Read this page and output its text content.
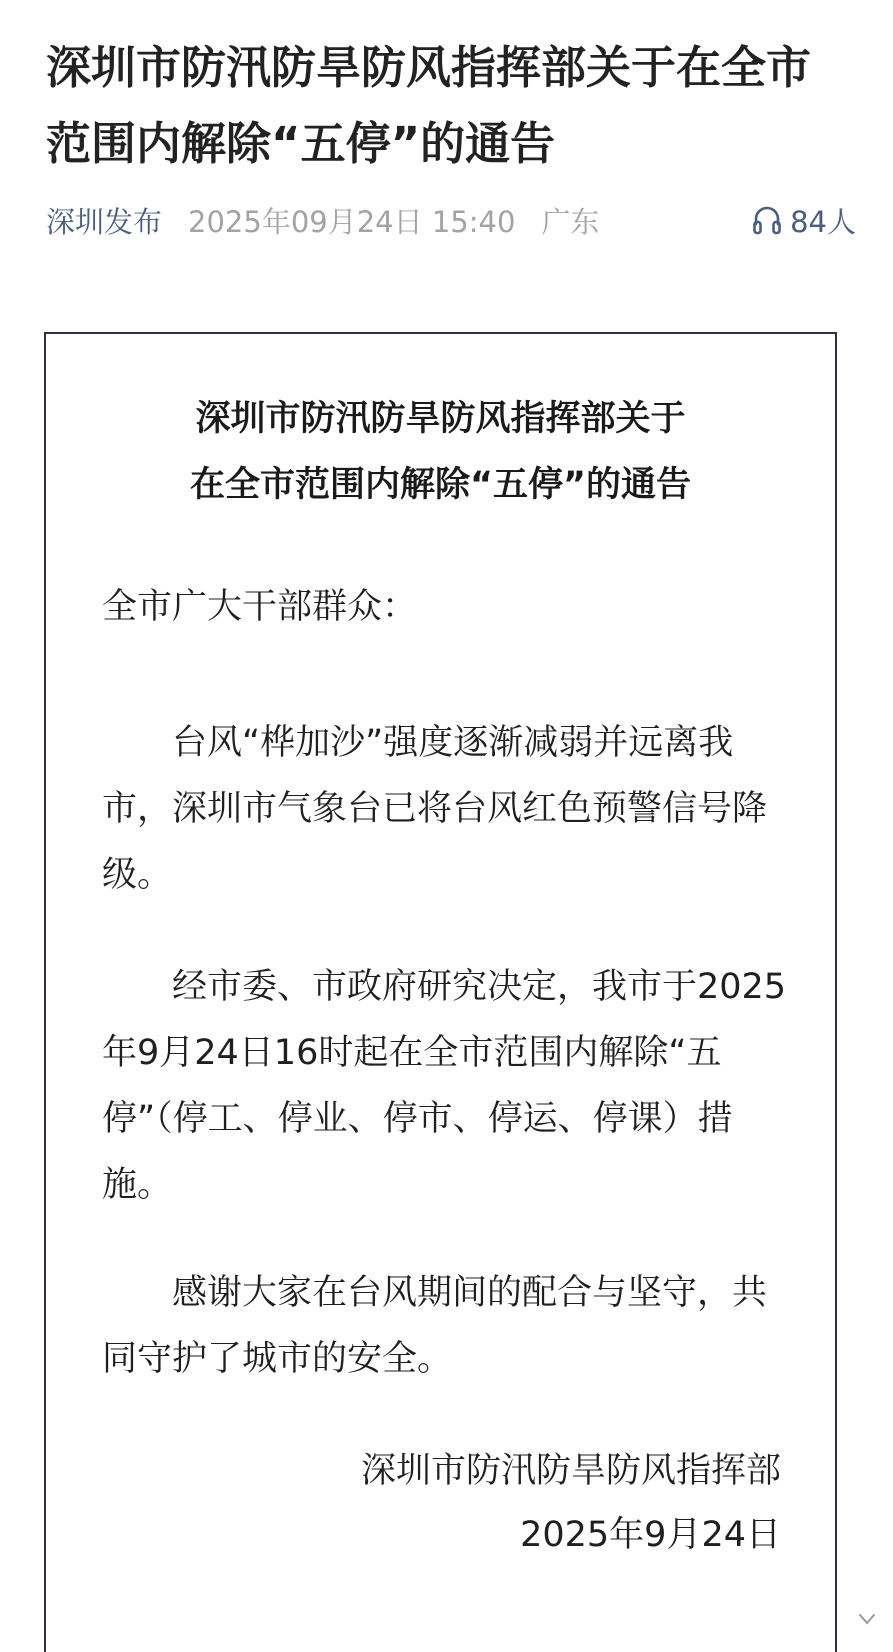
深圳市防汛防旱防风指挥部关于在全市范围内解除“五停”的通告
深圳发布 2025年09月24日 15:40 广东	84人
深圳市防汛防旱防风指挥部关于
在全市范围内解除“五停”的通告
全市广大干部群众：
台风“桦加沙”强度逐渐减弱并远离我市，深圳市气象台已将台风红色预警信号降级。
经市委、市政府研究决定，我市于2025年9月24日16时起在全市范围内解除“五停”（停工、停业、停市、停运、停课）措施。
感谢大家在台风期间的配合与坚守，共同守护了城市的安全。
深圳市防汛防旱防风指挥部
2025年9月24日
